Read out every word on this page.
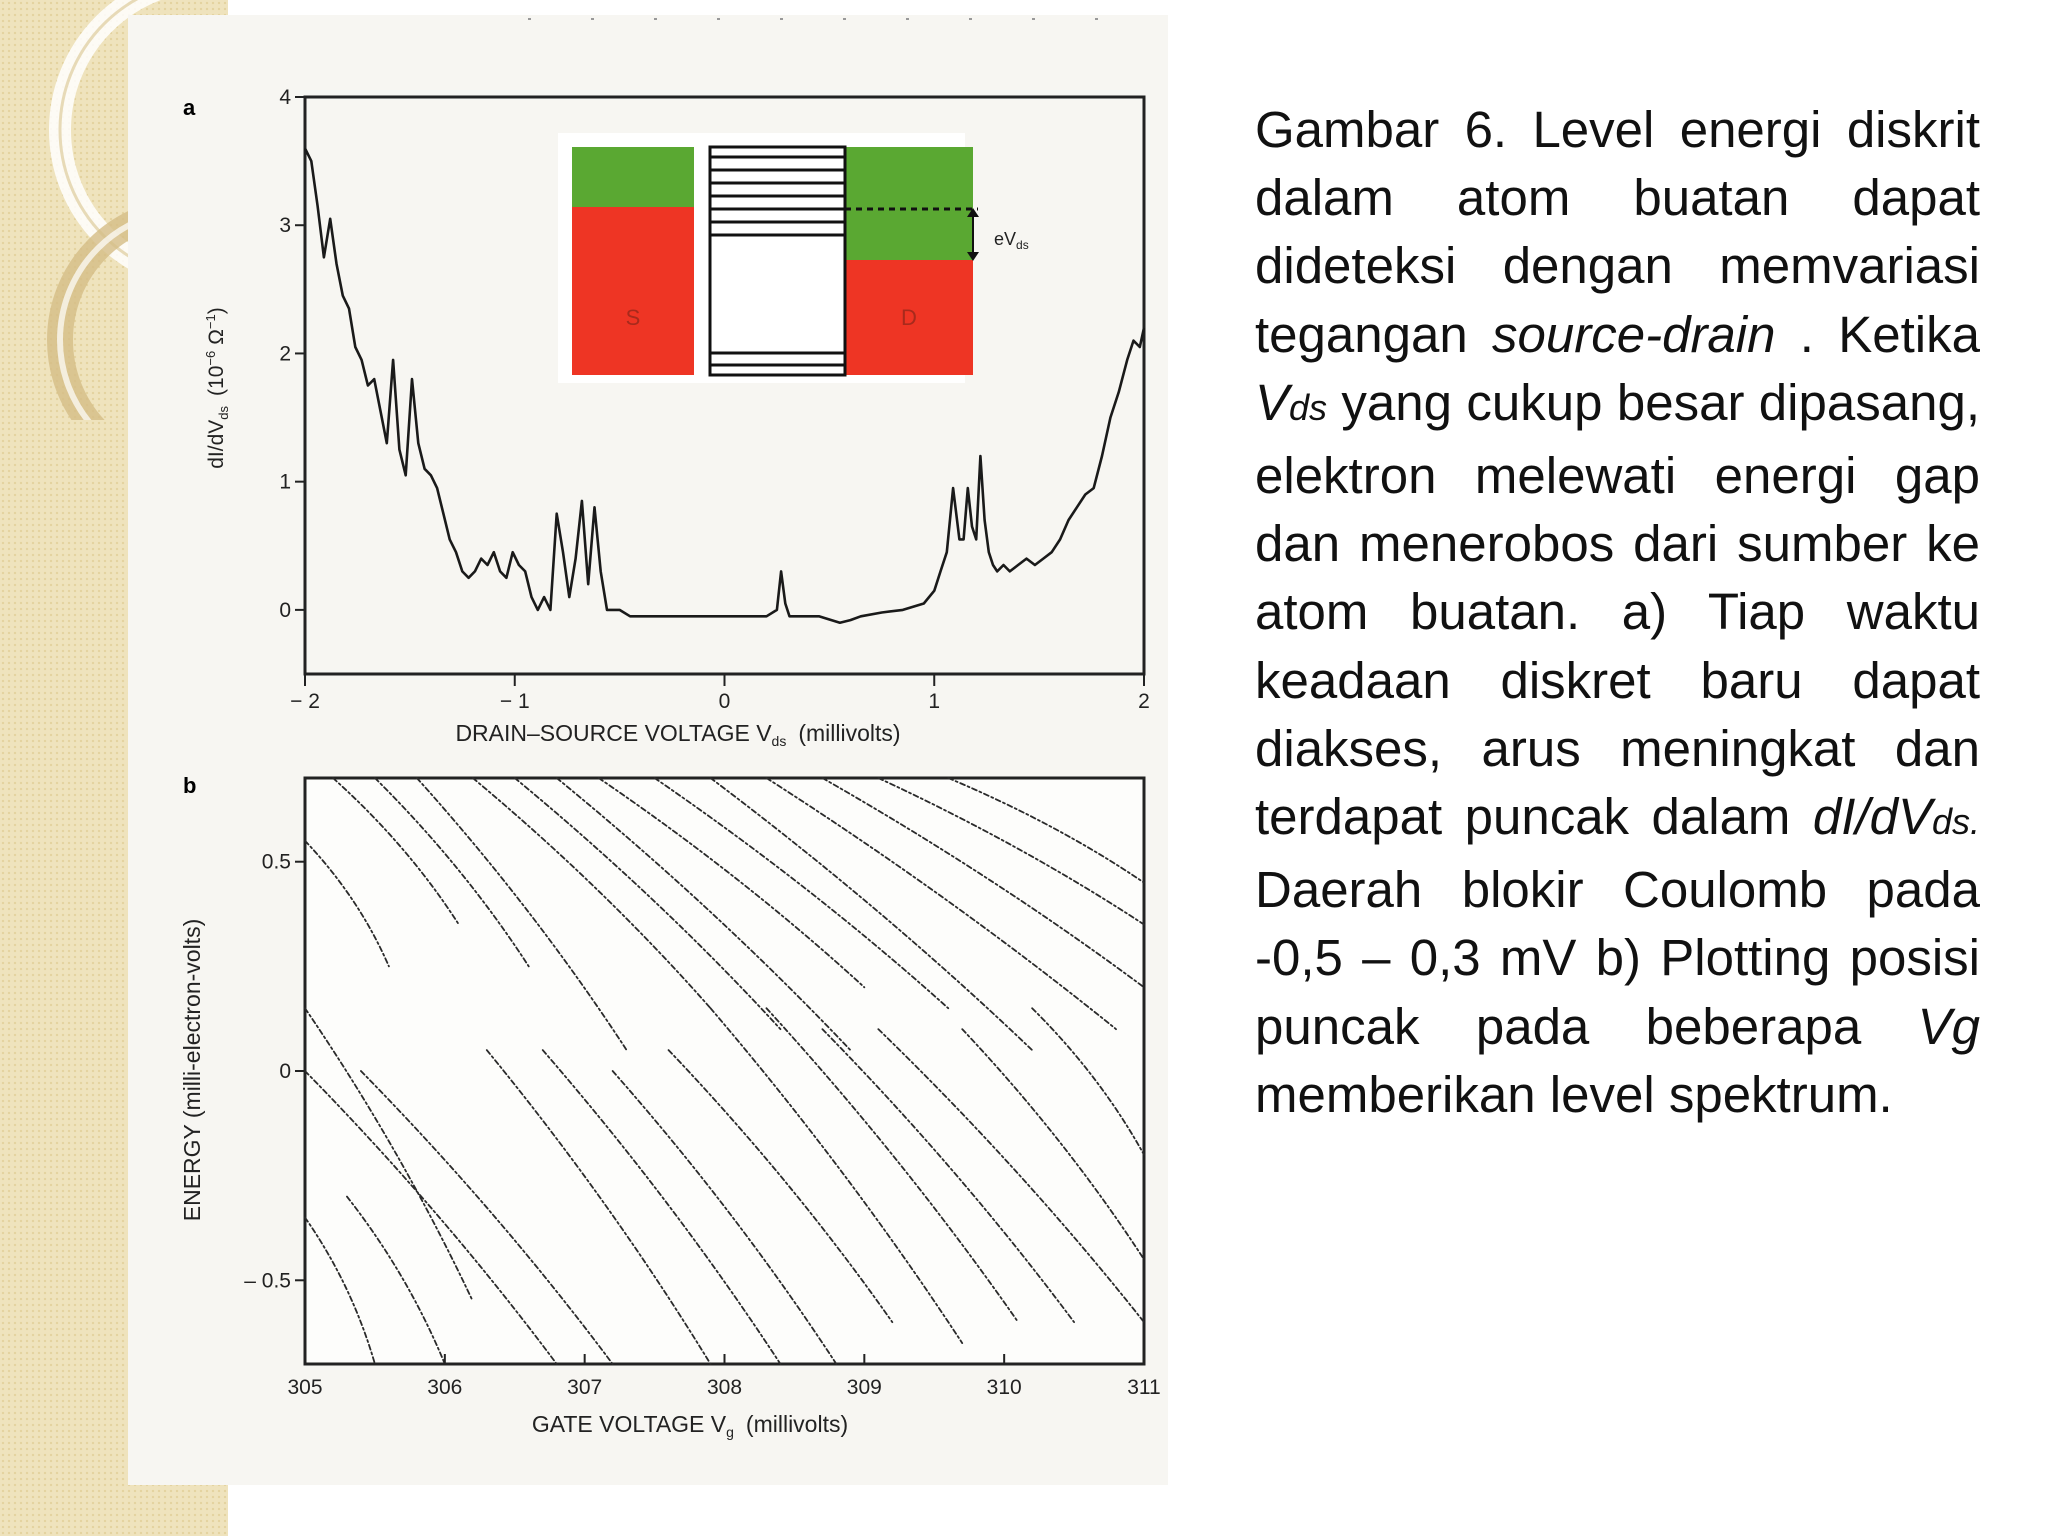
a
$eV_{ds}$
S	D
− 2	− 1	0	1	2
0
1
2
3
4
$dI/dV_{ds}(10^{-6}\Omega^{-1})$
DRAIN–SOURCE VOLTAGE $V_{ds}$ (millivolts)
b
305	306	307	308	309	310	311
– 0.5
0
0.5
ENERGY (milli-electron-volts)
GATE VOLTAGE $V_g$ (millivolts)
Gambar 6. Level energi diskrit dalam atom buatan dapat dideteksi dengan memvariasi tegangan source-drain . Ketika Vds yang cukup besar dipasang, elektron melewati energi gap dan menerobos dari sumber ke atom buatan. a) Tiap waktu keadaan diskret baru dapat diakses, arus meningkat dan terdapat puncak dalam dI/dVds. Daerah blokir Coulomb pada -0,5 – 0,3 mV b) Plotting posisi puncak pada beberapa Vg memberikan level spektrum.
